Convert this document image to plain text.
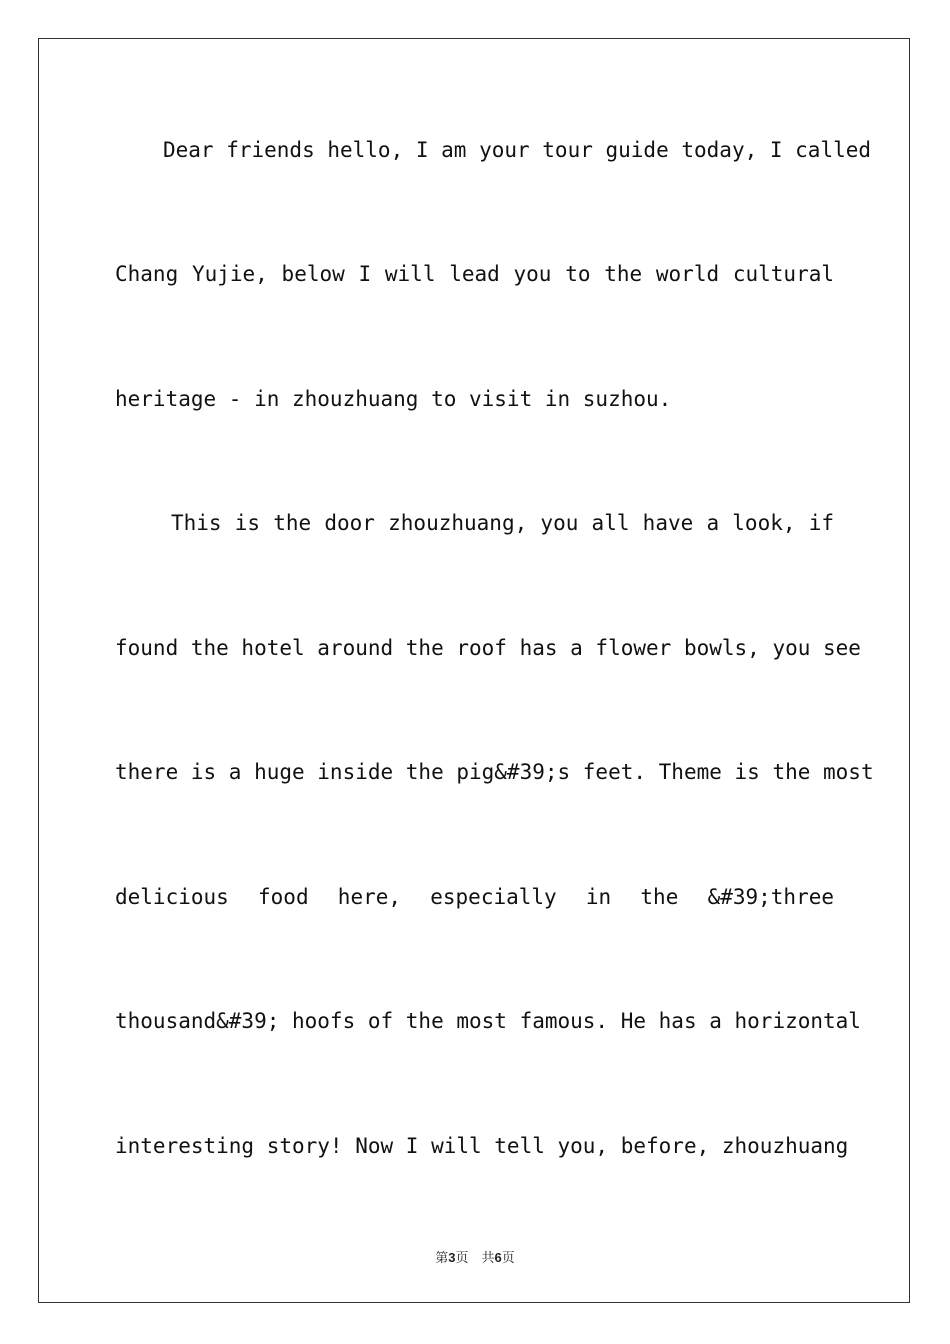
Dear friends hello, I am your tour guide today, I called
Chang Yujie, below I will lead you to the world cultural
heritage - in zhouzhuang to visit in suzhou.
This is the door zhouzhuang, you all have a look, if
found the hotel around the roof has a flower bowls, you see
there is a huge inside the pig&#39;s feet. Theme is the most
delicious food here, especially in the &#39;three
thousand&#39; hoofs of the most famous. He has a horizontal
interesting story! Now I will tell you, before, zhouzhuang
第3页　共6页
